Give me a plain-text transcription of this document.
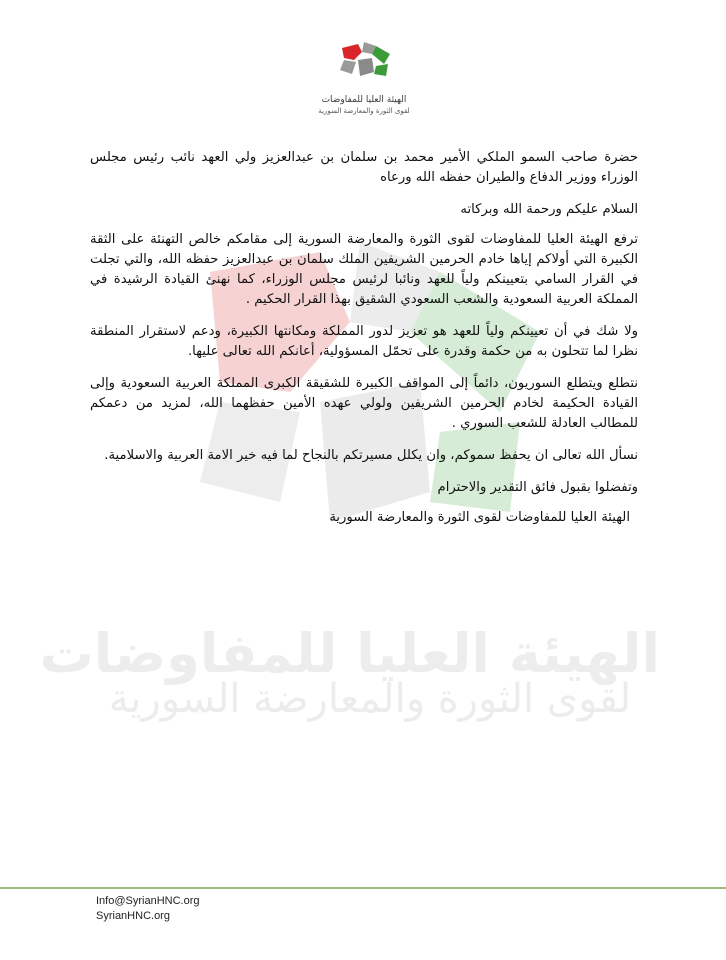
الهيئة العليا للمفاوضات
لقوى الثورة والمعارضة السورية
الهيئة العليا للمفاوضات
لقوى الثورة والمعارضة السورية

حضرة صاحب السمو الملكي الأمير محمد بن سلمان بن عبدالعزيز ولي العهد نائب رئيس مجلس الوزراء ووزير الدفاع والطيران حفظه الله ورعاه

السلام عليكم ورحمة الله وبركاته

ترفع الهيئة العليا للمفاوضات لقوى الثورة والمعارضة السورية إلى مقامكم خالص التهنئة على الثقة الكبيرة التي أولاكم إياها خادم الحرمين الشريفين الملك سلمان بن عبدالعزيز حفظه الله، والتي تجلت في القرار السامي بتعيينكم ولياً للعهد ونائبا لرئيس مجلس الوزراء، كما نهنئ القيادة الرشيدة في المملكة العربية السعودية والشعب السعودي الشقيق بهذا القرار الحكيم .

ولا شك في أن تعيينكم ولياً للعهد هو تعزيز لدور المملكة ومكانتها الكبيرة، ودعم لاستقرار المنطقة نظرا لما تتحلون به من حكمة وقدرة على تحمّل المسؤولية، أعانكم الله تعالى عليها.

نتطلع ويتطلع السوريون، دائماً إلى المواقف الكبيرة للشقيقة الكبرى المملكة العربية السعودية وإلى القيادة الحكيمة لخادم الحرمين الشريفين ولولي عهده الأمين حفظهما الله، لمزيد من دعمكم للمطالب العادلة للشعب السوري .

نسأل الله تعالى ان يحفظ سموكم، وان يكلل مسيرتكم بالنجاح لما فيه خير الامة العربية والاسلامية.

وتفضلوا بقبول فائق التقدير والاحترام

الهيئة العليا للمفاوضات لقوى الثورة والمعارضة السورية

Info@SyrianHNC.org
SyrianHNC.org
